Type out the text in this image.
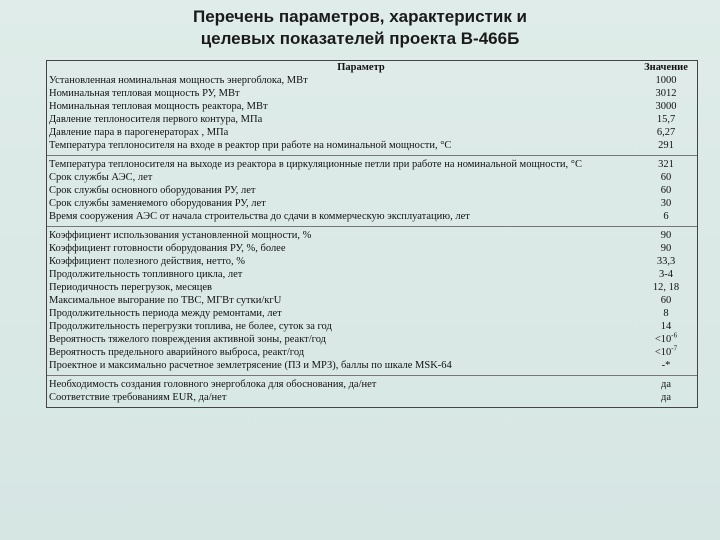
Перечень параметров, характеристик и
целевых показателей проекта В-466Б
Параметр	Значение
Установленная номинальная мощность энергоблока, МВт	1000
Номинальная тепловая мощность РУ, МВт	3012
Номинальная тепловая мощность реактора, МВт	3000
Давление теплоносителя первого контура, МПа	15,7
Давление пара в парогенераторах , МПа	6,27
Температура теплоносителя на входе в реактор при работе на номинальной мощности, °С	291
Температура теплоносителя на выходе из реактора в циркуляционные петли при работе на номинальной мощности, °С	321
Срок службы АЭС, лет	60
Срок службы основного оборудования РУ, лет	60
Срок службы заменяемого оборудования РУ, лет	30
Время сооружения АЭС от начала строительства до сдачи в коммерческую эксплуатацию, лет	6
Коэффициент использования установленной мощности, %	90
Коэффициент готовности оборудования РУ, %, более	90
Коэффициент полезного действия, нетто, %	33,3
Продолжительность топливного цикла, лет	3-4
Периодичность перегрузок, месяцев	12, 18
Максимальное выгорание по ТВС, МГВт сутки/кгU	60
Продолжительность периода между ремонтами, лет	8
Продолжительность перегрузки топлива, не более, суток за год	14
Вероятность тяжелого повреждения активной зоны, реакт/год	$<10^{-6}$
Вероятность предельного аварийного выброса, реакт/год	$<10^{-7}$
Проектное и максимально расчетное землетрясение (ПЗ и МРЗ), баллы по шкале MSK-64	-*
Необходимость создания головного энергоблока для обоснования, да/нет	да
Соответствие требованиям EUR, да/нет	да
